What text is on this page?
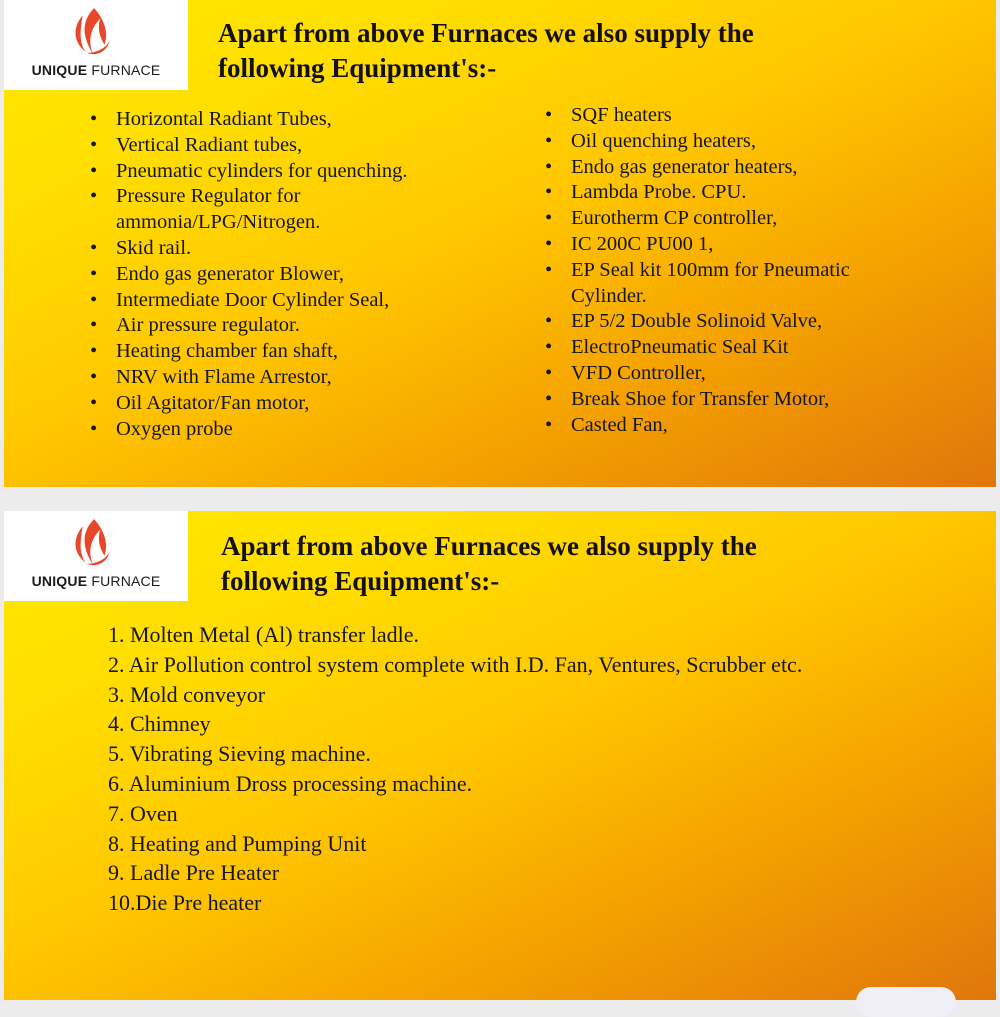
UNIQUE FURNACE
Apart from above Furnaces we also supply the
following Equipment's:-
• Horizontal Radiant Tubes,
• Vertical Radiant tubes,
• Pneumatic cylinders for quenching.
• Pressure Regulator for
ammonia/LPG/Nitrogen.
• Skid rail.
• Endo gas generator Blower,
• Intermediate Door Cylinder Seal,
• Air pressure regulator.
• Heating chamber fan shaft,
• NRV with Flame Arrestor,
• Oil Agitator/Fan motor,
• Oxygen probe
• SQF heaters
• Oil quenching heaters,
• Endo gas generator heaters,
• Lambda Probe. CPU.
• Eurotherm CP controller,
• IC 200C PU00 1,
• EP Seal kit 100mm for Pneumatic
Cylinder.
• EP 5/2 Double Solinoid Valve,
• ElectroPneumatic Seal Kit
• VFD Controller,
• Break Shoe for Transfer Motor,
• Casted Fan,
UNIQUE FURNACE
Apart from above Furnaces we also supply the
following Equipment's:-
1. Molten Metal (Al) transfer ladle.
2. Air Pollution control system complete with I.D. Fan, Ventures, Scrubber etc.
3. Mold conveyor
4. Chimney
5. Vibrating Sieving machine.
6. Aluminium Dross processing machine.
7. Oven
8. Heating and Pumping Unit
9. Ladle Pre Heater
10.Die Pre heater
